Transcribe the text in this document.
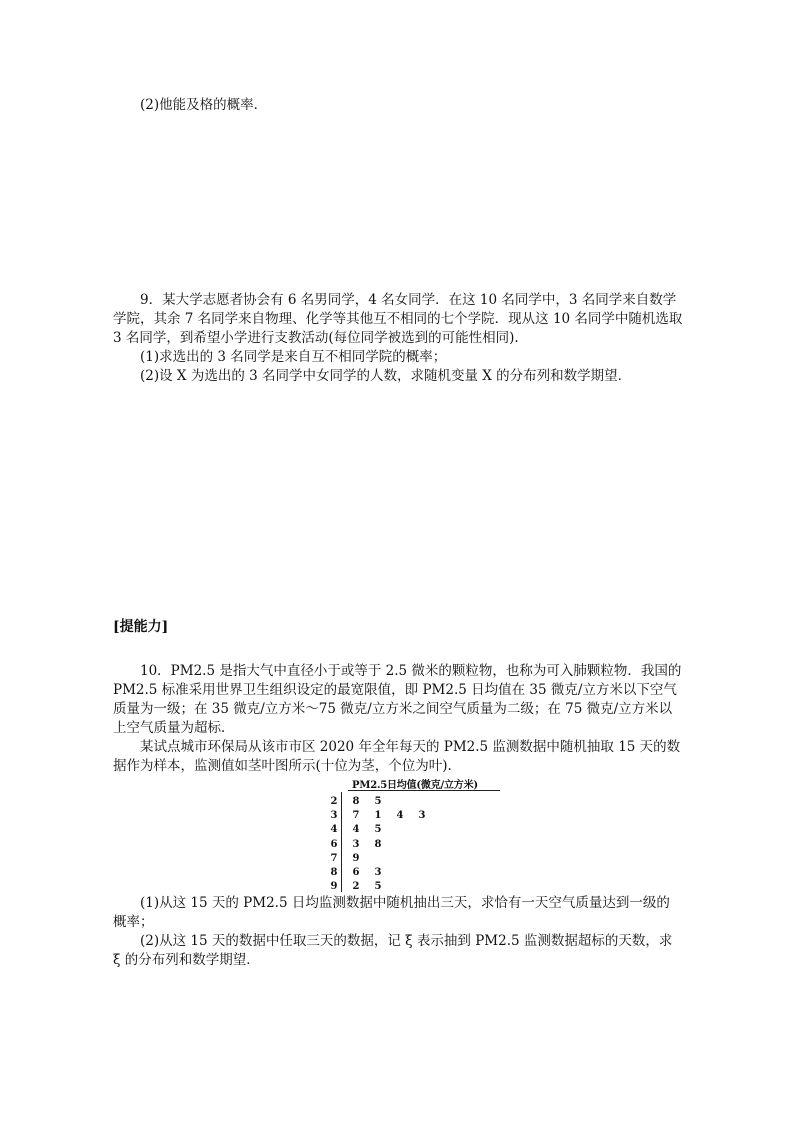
(2)他能及格的概率．
9．某大学志愿者协会有 6 名男同学，4 名女同学．在这 10 名同学中，3 名同学来自数学学院，其余 7 名同学来自物理、化学等其他互不相同的七个学院．现从这 10 名同学中随机选取 3 名同学，到希望小学进行支教活动(每位同学被选到的可能性相同).
(1)求选出的 3 名同学是来自互不相同学院的概率；
(2)设 X 为选出的 3 名同学中女同学的人数，求随机变量 X 的分布列和数学期望．
[提能力]
10．PM2.5 是指大气中直径小于或等于 2.5 微米的颗粒物，也称为可入肺颗粒物．我国的 PM2.5 标准采用世界卫生组织设定的最宽限值，即 PM2.5 日均值在 35 微克/立方米以下空气质量为一级；在 35 微克/立方米～75 微克/立方米之间空气质量为二级；在 75 微克/立方米以上空气质量为超标．
某试点城市环保局从该市市区 2020 年全年每天的 PM2.5 监测数据中随机抽取 15 天的数据作为样本，监测值如茎叶图所示(十位为茎，个位为叶).
PM2.5日均值(微克/立方米)
2 8 5
3 7 1 4 3
4 4 5
6 3 8
7 9
8 6 3
9 2 5
(1)从这 15 天的 PM2.5 日均监测数据中随机抽出三天，求恰有一天空气质量达到一级的概率；
(2)从这 15 天的数据中任取三天的数据，记 ξ 表示抽到 PM2.5 监测数据超标的天数，求 ξ 的分布列和数学期望．
